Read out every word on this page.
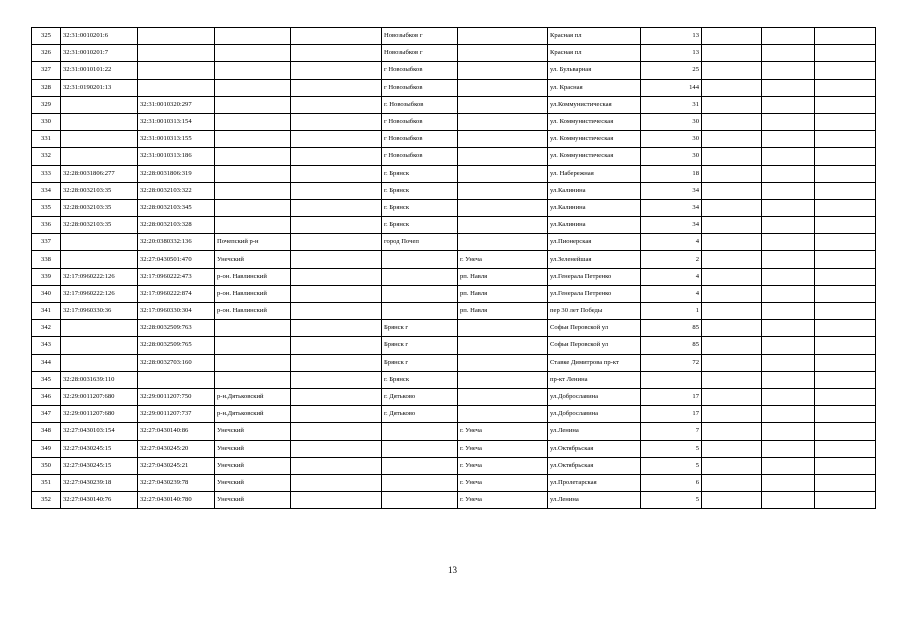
325	32:31:0010201:6				Новозыбков г		Красная пл	13			
326	32:31:0010201:7				Новозыбков г		Красная пл	13			
327	32:31:0010101:22				г Новозыбков		ул. Бульварная	25			
328	32:31:0190201:13				г Новозыбков		ул. Красная	144			
329		32:31:0010320:297			г. Новозыбков		ул.Коммунистическая	31			
330		32:31:0010313:154			г Новозыбков		ул. Коммунистическая	30			
331		32:31:0010313:155			г Новозыбков		ул. Коммунистическая	30			
332		32:31:0010313:186			г Новозыбков		ул. Коммунистическая	30			
333	32:28:0031806:277	32:28:0031806:319			г. Брянск		ул. Набережная	18			
334	32:28:0032103:35	32:28:0032103:322			г. Брянск		ул.Калинина	34			
335	32:28:0032103:35	32:28:0032103:345			г. Брянск		ул.Калинина	34			
336	32:28:0032103:35	32:28:0032103:328			г. Брянск		ул.Калинина	34			
337		32:20:0380332:136	Почепский р-н		город Почеп		ул.Пионерская	4			
338		32:27:0430501:470	Унечский			г. Унеча	ул.Зеленейшая	2			
339	32:17:0960222:126	32:17:0960222:473	р-он. Навлинский			рп. Навля	ул.Генерала Петренко	4			
340	32:17:0960222:126	32:17:0960222:874	р-он. Навлинский			рп. Навля	ул.Генерала Петренко	4			
341	32:17:0960330:36	32:17:0960330:304	р-он. Навлинский			рп. Навля	пер 30 лет Победы	1			
342		32:28:0032509:763			Брянск г		Софьи Перовской ул	85			
343		32:28:0032509:765			Брянск г		Софьи Перовской ул	85			
344		32:28:0032703:160			Брянск г		Ставке Димитрова пр-кт	72			
345	32:28:0031639:110				г. Брянск		пр-кт Ленина				
346	32:29:0011207:680	32:29:0011207:750	р-н.Дятьковский		г. Дятьково		ул.Доброславина	17			
347	32:29:0011207:680	32:29:0011207:737	р-н.Дятьковский		г. Дятьково		ул.Доброславина	17			
348	32:27:0430103:154	32:27:0430140:86	Унечский			г. Унеча	ул.Ленина	7			
349	32:27:0430245:15	32:27:0430245:20	Унечский			г. Унеча	ул.Октябрьская	5			
350	32:27:0430245:15	32:27:0430245:21	Унечский			г. Унеча	ул.Октябрьская	5			
351	32:27:0430239:18	32:27:0430239:78	Унечский			г. Унеча	ул.Пролетарская	6			
352	32:27:0430140:76	32:27:0430140:780	Унечский			г. Унеча	ул.Ленина	5			
13
